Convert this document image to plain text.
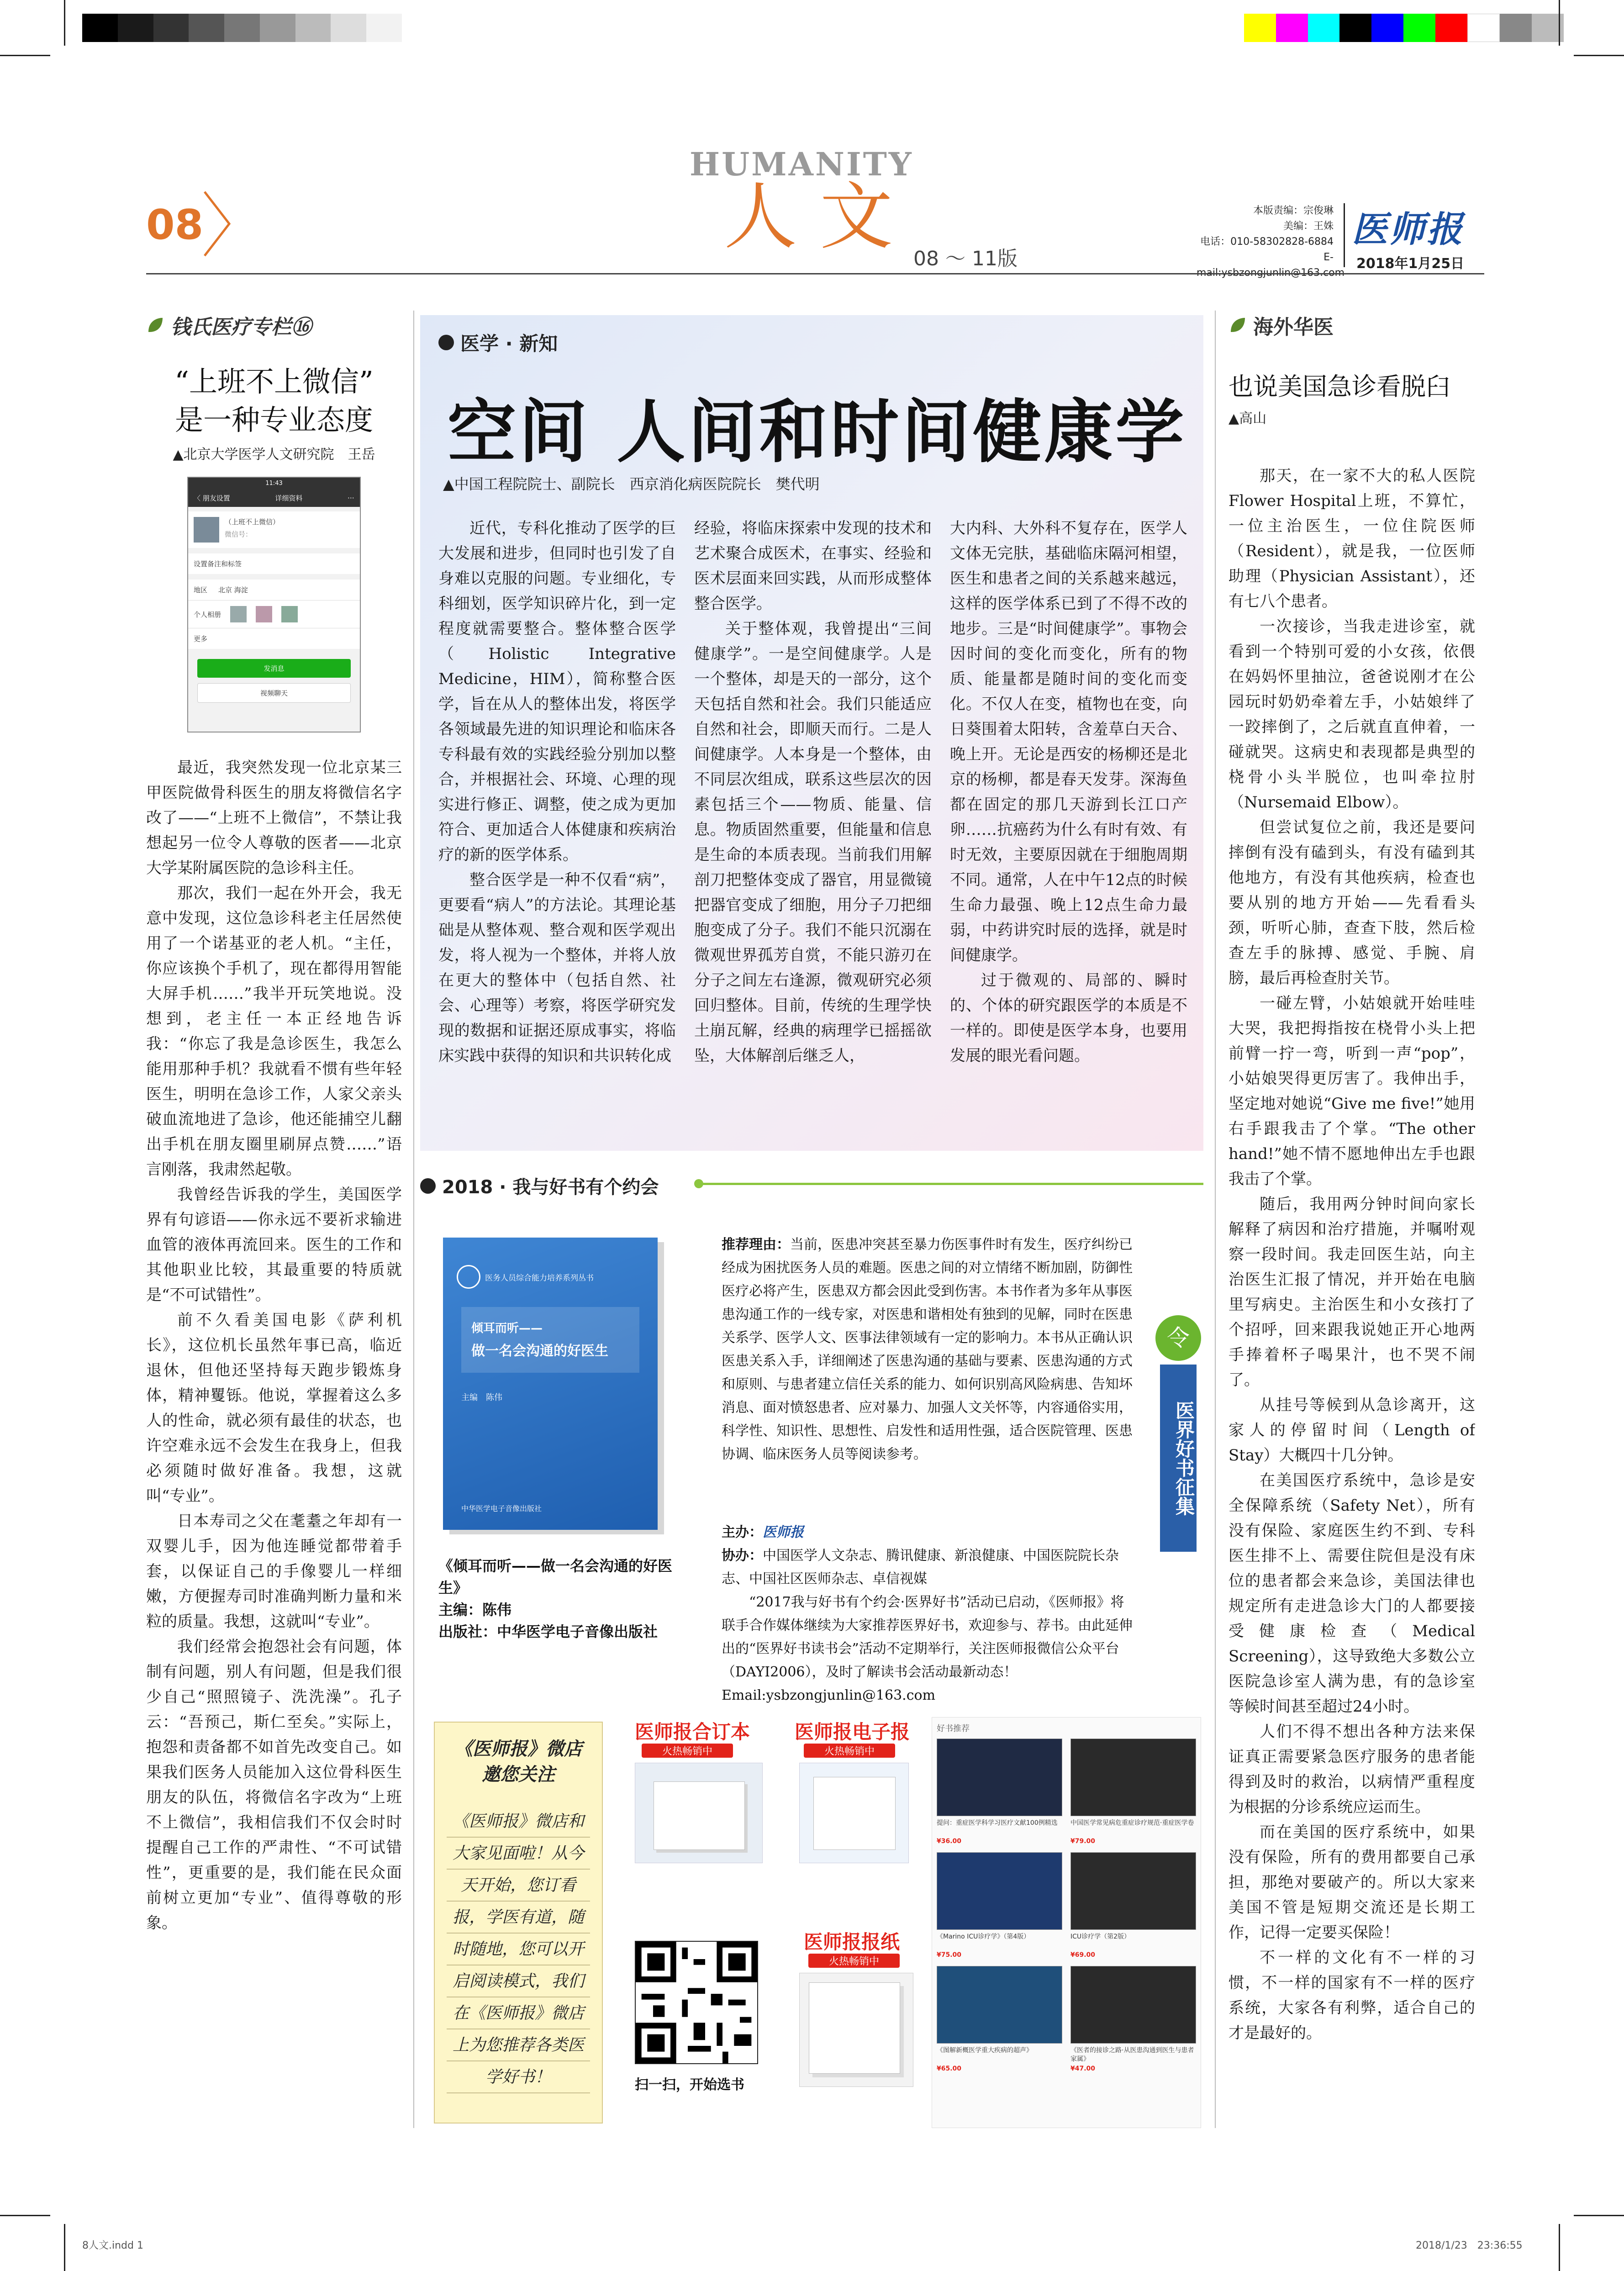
08
HUMANITY
人文
08 ～ 11版
本版责编：宗俊琳
美编：王姝
电话：010-58302828-6884
E-
医师报
2018年1月25日
钱氏医疗专栏⑯
“上班不上微信”
是一种专业态度
▲北京大学医学人文研究院　王岳
11:43
〈 朋友设置	详细资料	⋯
（上班不上微信）
微信号：
设置备注和标签
地区 北京 海淀
个人相册
更多
发消息
视频聊天

最近，我突然发现一位北京某三甲医院做骨科医生的朋友将微信名字改了——“上班不上微信”，不禁让我想起另一位令人尊敬的医者——北京大学某附属医院的急诊科主任。

那次，我们一起在外开会，我无意中发现，这位急诊科老主任居然使用了一个诺基亚的老人机。“主任，你应该换个手机了，现在都得用智能大屏手机……”我半开玩笑地说。没想到，老主任一本正经地告诉我：“你忘了我是急诊医生，我怎么能用那种手机？我就看不惯有些年轻医生，明明在急诊工作，人家父亲头破血流地进了急诊，他还能捕空儿翻出手机在朋友圈里刷屏点赞……”语言刚落，我肃然起敬。

我曾经告诉我的学生，美国医学界有句谚语——你永远不要祈求输进血管的液体再流回来。医生的工作和其他职业比较，其最重要的特质就是“不可试错性”。

前不久看美国电影《萨利机长》，这位机长虽然年事已高，临近退休，但他还坚持每天跑步锻炼身体，精神矍铄。他说，掌握着这么多人的性命，就必须有最佳的状态，也许空难永远不会发生在我身上，但我必须随时做好准备。我想，这就叫“专业”。

日本寿司之父在耄耋之年却有一双婴儿手，因为他连睡觉都带着手套，以保证自己的手像婴儿一样细嫩，方便握寿司时准确判断力量和米粒的质量。我想，这就叫“专业”。

我们经常会抱怨社会有问题，体制有问题，别人有问题，但是我们很少自己“照照镜子、洗洗澡”。孔子云：“吾预己，斯仁至矣。”实际上，抱怨和责备都不如首先改变自己。如果我们医务人员能加入这位骨科医生朋友的队伍，将微信名字改为“上班不上微信”，我相信我们不仅会时时提醒自己工作的严肃性、“不可试错性”，更重要的是，我们能在民众面前树立更加“专业”、值得尊敬的形象。

医学 · 新知
空间 人间和时间健康学
▲中国工程院院士、副院长　西京消化病医院院长　樊代明

近代，专科化推动了医学的巨大发展和进步，但同时也引发了自身难以克服的问题。专业细化，专科细划，医学知识碎片化，到一定程度就需要整合。整体整合医学（Holistic Integrative Medicine，HIM），简称整合医学，旨在从人的整体出发，将医学各领域最先进的知识理论和临床各专科最有效的实践经验分别加以整合，并根据社会、环境、心理的现实进行修正、调整，使之成为更加符合、更加适合人体健康和疾病治疗的新的医学体系。

整合医学是一种不仅看“病”，更要看“病人”的方法论。其理论基础是从整体观、整合观和医学观出发，将人视为一个整体，并将人放在更大的整体中（包括自然、社会、心理等）考察，将医学研究发现的数据和证据还原成事实，将临床实践中获得的知识和共识转化成

经验，将临床探索中发现的技术和艺术聚合成医术，在事实、经验和医术层面来回实践，从而形成整体整合医学。

关于整体观，我曾提出“三间健康学”。一是空间健康学。人是一个整体，却是天的一部分，这个天包括自然和社会。我们只能适应自然和社会，即顺天而行。二是人间健康学。人本身是一个整体，由不同层次组成，联系这些层次的因素包括三个——物质、能量、信息。物质固然重要，但能量和信息是生命的本质表现。当前我们用解剖刀把整体变成了器官，用显微镜把器官变成了细胞，用分子刀把细胞变成了分子。我们不能只沉溺在微观世界孤芳自赏，不能只游刃在分子之间左右逢源，微观研究必须回归整体。目前，传统的生理学快土崩瓦解，经典的病理学已摇摇欲坠，大体解剖后继乏人，

大内科、大外科不复存在，医学人文体无完肤，基础临床隔河相望，医生和患者之间的关系越来越远，这样的医学体系已到了不得不改的地步。三是“时间健康学”。事物会因时间的变化而变化，所有的物质、能量都是随时间的变化而变化。不仅人在变，植物也在变，向日葵围着太阳转，含羞草白天合、晚上开。无论是西安的杨柳还是北京的杨柳，都是春天发芽。深海鱼都在固定的那几天游到长江口产卵……抗癌药为什么有时有效、有时无效，主要原因就在于细胞周期不同。通常，人在中午12点的时候生命力最强、晚上12点生命力最弱，中药讲究时辰的选择，就是时间健康学。

过于微观的、局部的、瞬时的、个体的研究跟医学的本质是不一样的。即使是医学本身，也要用发展的眼光看问题。

2018 · 我与好书有个约会
医务人员综合能力培养系列丛书
倾耳而听——
做一名会沟通的好医生
主编　陈伟
中华医学电子音像出版社
《倾耳而听——做一名会沟通的好医生》
主编：陈伟
出版社：中华医学电子音像出版社
推荐理由：当前，医患冲突甚至暴力伤医事件时有发生，医疗纠纷已经成为困扰医务人员的难题。医患之间的对立情绪不断加剧，防御性医疗必将产生，医患双方都会因此受到伤害。本书作者为多年从事医患沟通工作的一线专家，对医患和谐相处有独到的见解，同时在医患关系学、医学人文、医事法律领域有一定的影响力。本书从正确认识医患关系入手，详细阐述了医患沟通的基础与要素、医患沟通的方式和原则、与患者建立信任关系的能力、如何识别高风险病患、告知坏消息、面对愤怒患者、应对暴力、加强人文关怀等，内容通俗实用，科学性、知识性、思想性、启发性和适用性强，适合医院管理、医患协调、临床医务人员等阅读参考。
主办：医师报
协办：中国医学人文杂志、腾讯健康、新浪健康、中国医院院长杂志、中国社区医师杂志、卓信视媒
“2017我与好书有个约会·医界好书”活动已启动，《医师报》将联手合作媒体继续为大家推荐医界好书，欢迎参与、荐书。由此延伸出的“医界好书读书会”活动不定期举行，关注医师报微信公众平台（DAYI2006），及时了解读书会活动最新动态！ Email:ysbzongjunlin@163.com
令
医界好书征集
《医师报》微店邀您关注
《医师报》微店和大家见面啦！从今天开始，您订看报，学医有道，随时随地，您可以开启阅读模式，我们在《医师报》微店上为您推荐各类医学好书！
医师报合订本
火热畅销中
医师报电子报
火热畅销中
扫一扫，开始选书
医师报报纸
火热畅销中
好书推荐
提问：重症医学科学习医疗文献100例精选
¥36.00
中国医学常见病危重症诊疗规范·重症医学卷
¥79.00
《Marino ICU诊疗学》（第4版）
¥75.00
ICU诊疗学（第2版）
¥69.00
《图解新概医学重大疾病的超声》
¥65.00
《医者的接诊之路·从医患沟通到医生与患者家属》
¥47.00
海外华医
也说美国急诊看脱臼
▲高山

那天，在一家不大的私人医院Flower Hospital上班，不算忙，一位主治医生，一位住院医师（Resident），就是我，一位医师助理（Physician Assistant），还有七八个患者。

一次接诊，当我走进诊室，就看到一个特别可爱的小女孩，依偎在妈妈怀里抽泣，爸爸说刚才在公园玩时奶奶牵着左手，小姑娘绊了一跤摔倒了，之后就直直伸着，一碰就哭。这病史和表现都是典型的桡骨小头半脱位，也叫牵拉肘（Nursemaid Elbow）。

但尝试复位之前，我还是要问摔倒有没有磕到头，有没有磕到其他地方，有没有其他疾病，检查也要从别的地方开始——先看看头颈，听听心肺，查查下肢，然后检查左手的脉搏、感觉、手腕、肩膀，最后再检查肘关节。

一碰左臂，小姑娘就开始哇哇大哭，我把拇指按在桡骨小头上把前臂一拧一弯，听到一声“pop”，小姑娘哭得更厉害了。我伸出手，坚定地对她说“Give me five!”她用右手跟我击了个掌。“The other hand!”她不情不愿地伸出左手也跟我击了个掌。

随后，我用两分钟时间向家长解释了病因和治疗措施，并嘱咐观察一段时间。我走回医生站，向主治医生汇报了情况，并开始在电脑里写病史。主治医生和小女孩打了个招呼，回来跟我说她正开心地两手捧着杯子喝果汁，也不哭不闹了。

从挂号等候到从急诊离开，这家人的停留时间（Length of Stay）大概四十几分钟。

在美国医疗系统中，急诊是安全保障系统（Safety Net），所有没有保险、家庭医生约不到、专科医生排不上、需要住院但是没有床位的患者都会来急诊，美国法律也规定所有走进急诊大门的人都要接受健康检查（Medical Screening），这导致绝大多数公立医院急诊室人满为患，有的急诊室等候时间甚至超过24小时。

人们不得不想出各种方法来保证真正需要紧急医疗服务的患者能得到及时的救治，以病情严重程度为根据的分诊系统应运而生。

而在美国的医疗系统中，如果没有保险，所有的费用都要自己承担，那绝对要破产的。所以大家来美国不管是短期交流还是长期工作，记得一定要买保险！

不一样的文化有不一样的习惯，不一样的国家有不一样的医疗系统，大家各有利弊，适合自己的才是最好的。

8人文.indd 1	2018/1/23　23:36:55
